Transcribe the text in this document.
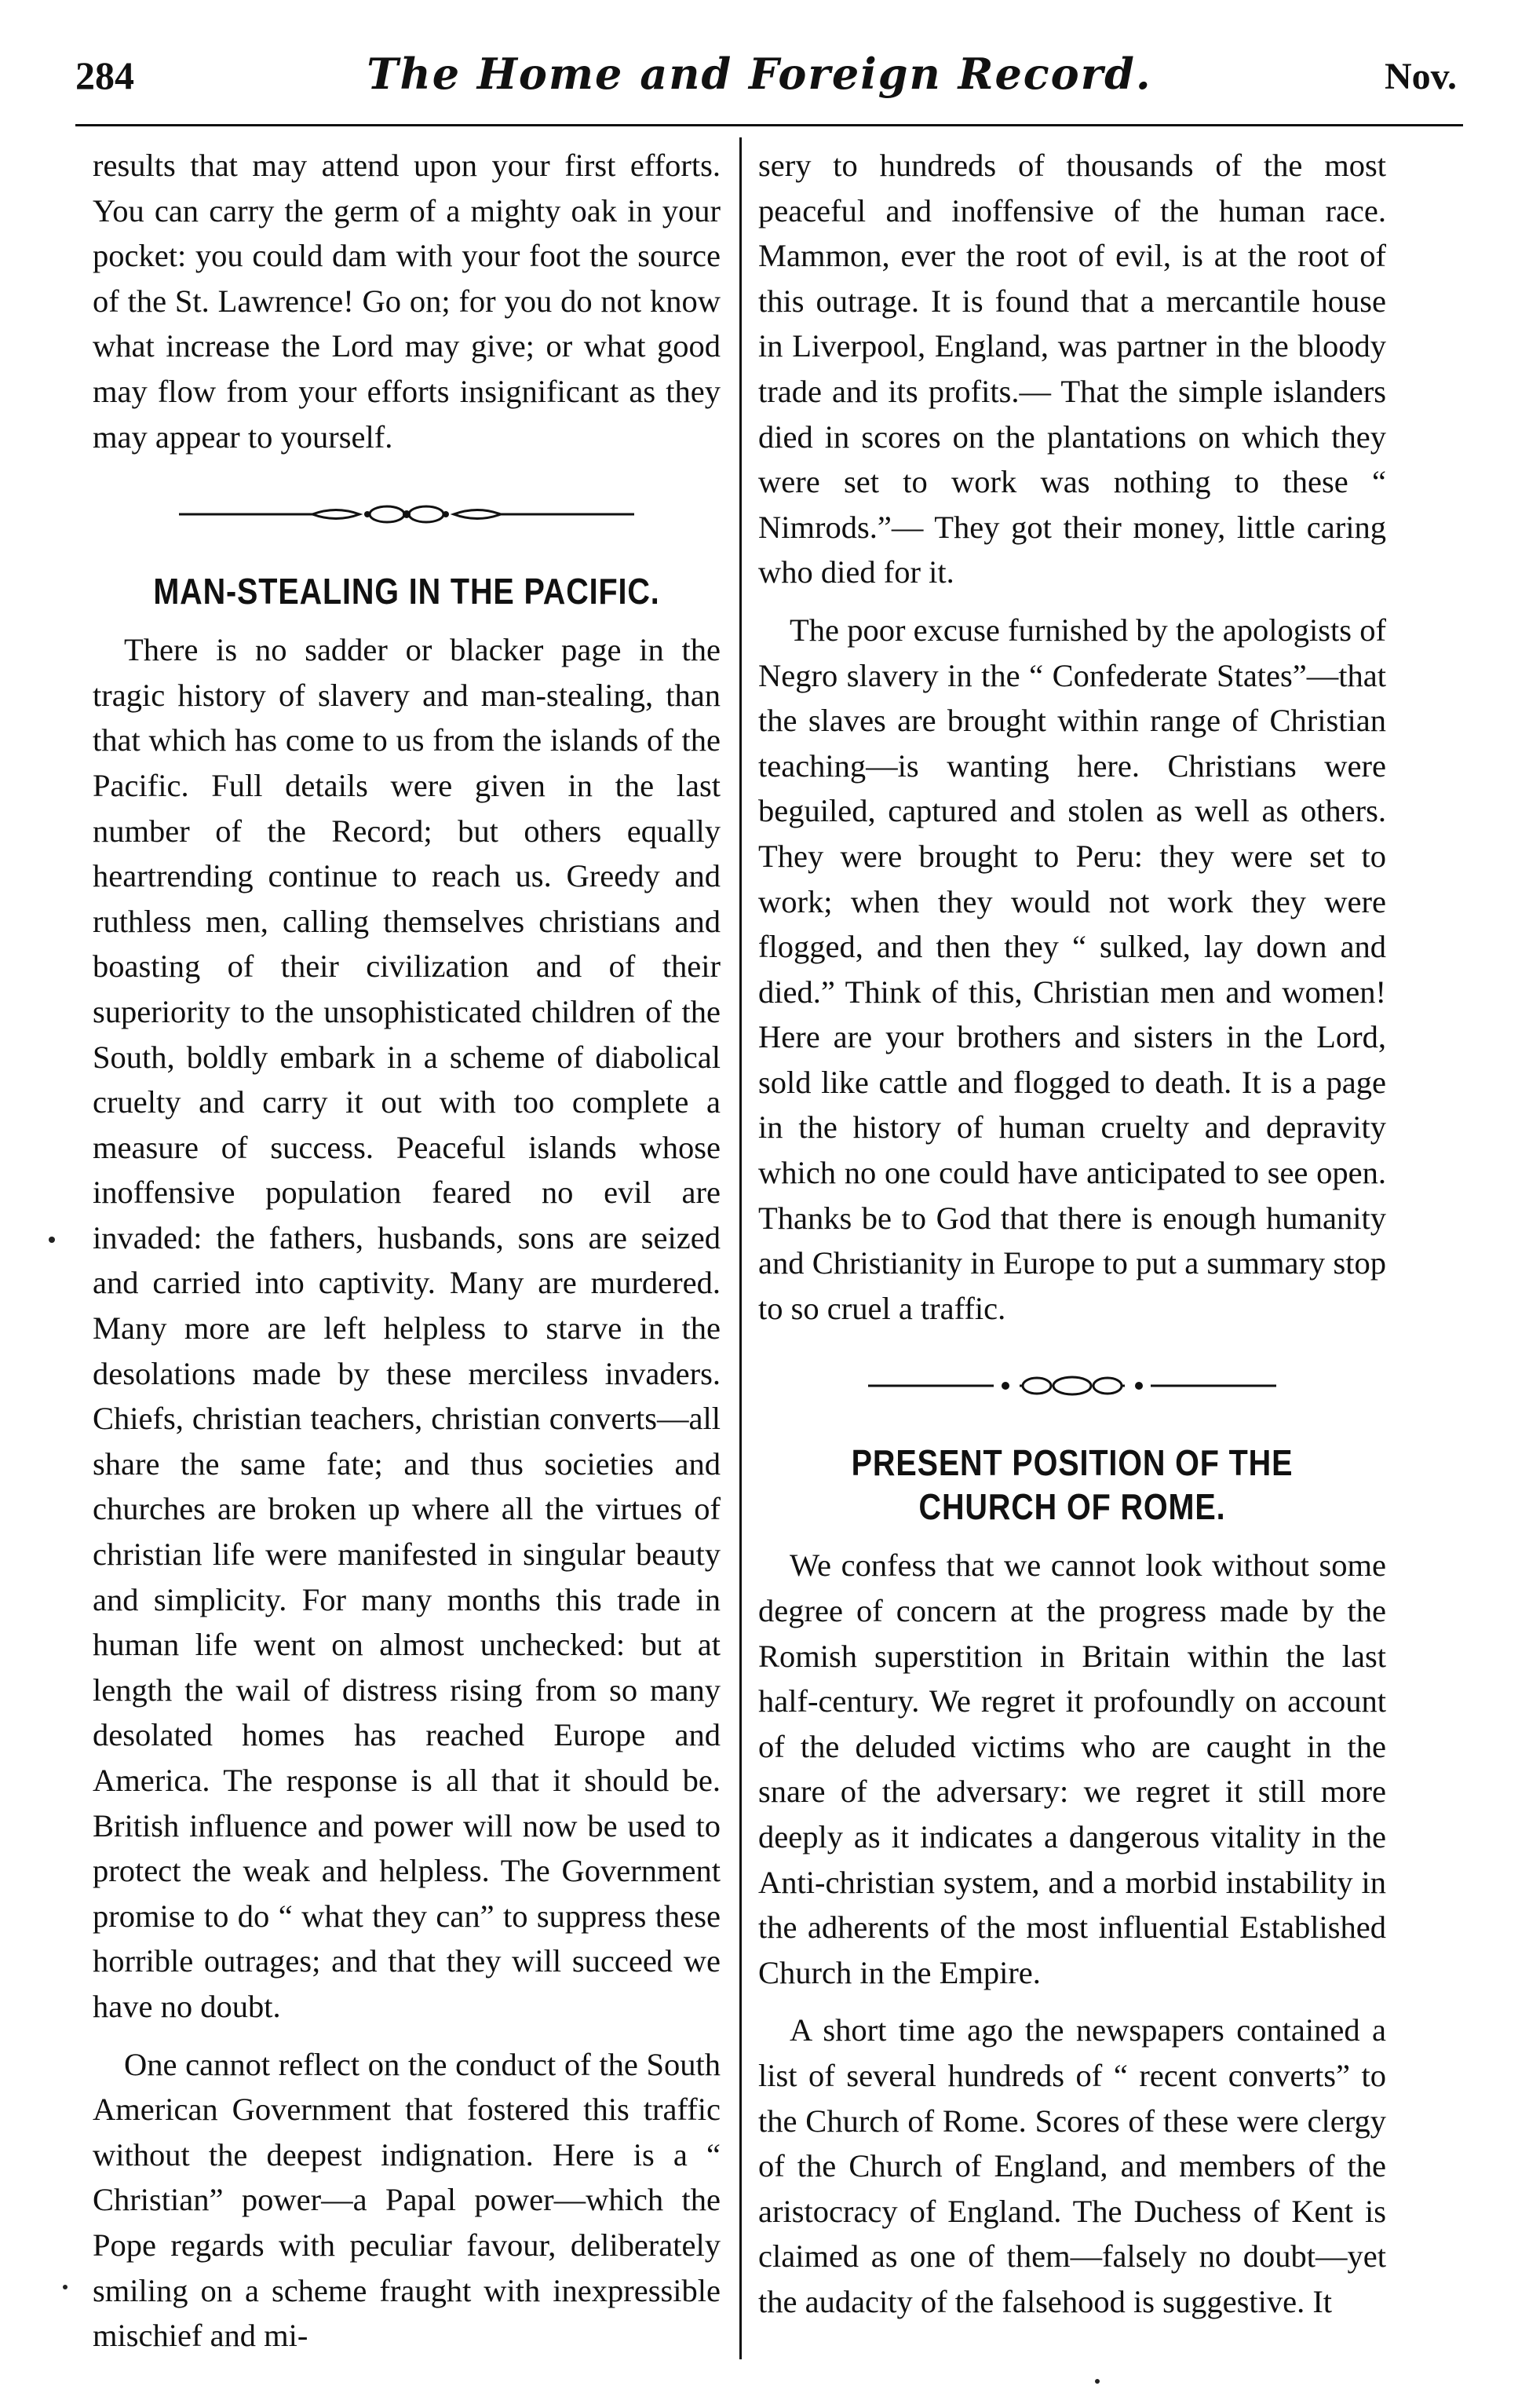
284	The Home and Foreign Record.	Nov.

results that may attend upon your first efforts. You can carry the germ of a mighty oak in your pocket: you could dam with your foot the source of the St. Lawrence! Go on; for you do not know what increase the Lord may give; or what good may flow from your efforts insignificant as they may appear to yourself.

MAN-STEALING IN THE PACIFIC.

There is no sadder or blacker page in the tragic history of slavery and man-stealing, than that which has come to us from the islands of the Pacific. Full details were given in the last number of the Record; but others equally heartrending continue to reach us. Greedy and ruthless men, calling themselves christians and boasting of their civilization and of their superiority to the unsophisticated children of the South, boldly embark in a scheme of diabolical cruelty and carry it out with too complete a measure of success. Peaceful islands whose inoffensive population feared no evil are invaded: the fathers, husbands, sons are seized and carried into captivity. Many are murdered. Many more are left helpless to starve in the desolations made by these merciless invaders. Chiefs, christian teachers, christian converts—all share the same fate; and thus societies and churches are broken up where all the virtues of christian life were manifested in singular beauty and simplicity. For many months this trade in human life went on almost unchecked: but at length the wail of distress rising from so many desolated homes has reached Europe and America. The response is all that it should be. British influence and power will now be used to protect the weak and helpless. The Government promise to do “ what they can” to suppress these horrible outrages; and that they will succeed we have no doubt.

One cannot reflect on the conduct of the South American Government that fostered this traffic without the deepest indignation. Here is a “ Christian” power—a Papal power—which the Pope regards with peculiar favour, deliberately smiling on a scheme fraught with inexpressible mischief and mi-

sery to hundreds of thousands of the most peaceful and inoffensive of the human race. Mammon, ever the root of evil, is at the root of this outrage. It is found that a mercantile house in Liverpool, England, was partner in the bloody trade and its profits.— That the simple islanders died in scores on the plantations on which they were set to work was nothing to these “ Nimrods.”— They got their money, little caring who died for it.

The poor excuse furnished by the apologists of Negro slavery in the “ Confederate States”—that the slaves are brought within range of Christian teaching—is wanting here. Christians were beguiled, captured and stolen as well as others. They were brought to Peru: they were set to work; when they would not work they were flogged, and then they “ sulked, lay down and died.” Think of this, Christian men and women! Here are your brothers and sisters in the Lord, sold like cattle and flogged to death. It is a page in the history of human cruelty and depravity which no one could have anticipated to see open. Thanks be to God that there is enough humanity and Christianity in Europe to put a summary stop to so cruel a traffic.

PRESENT POSITION OF THE CHURCH OF ROME.

We confess that we cannot look without some degree of concern at the progress made by the Romish superstition in Britain within the last half-century. We regret it profoundly on account of the deluded victims who are caught in the snare of the adversary: we regret it still more deeply as it indicates a dangerous vitality in the Anti-christian system, and a morbid instability in the adherents of the most influential Established Church in the Empire.

A short time ago the newspapers contained a list of several hundreds of “ recent converts” to the Church of Rome. Scores of these were clergy of the Church of England, and members of the aristocracy of England. The Duchess of Kent is claimed as one of them—falsely no doubt—yet the audacity of the falsehood is suggestive. It
